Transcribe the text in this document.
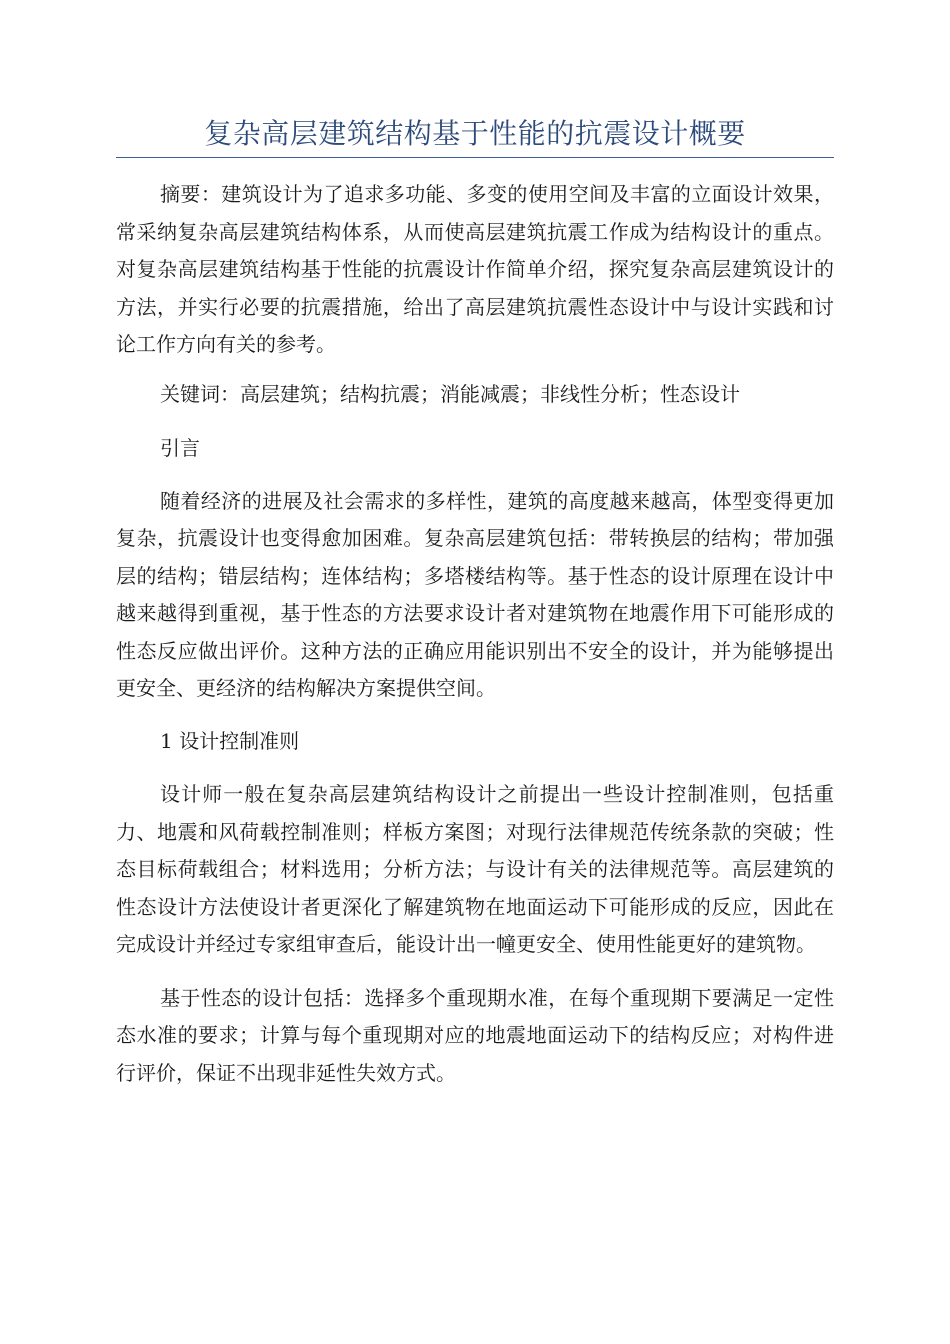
复杂高层建筑结构基于性能的抗震设计概要

摘要：建筑设计为了追求多功能、多变的使用空间及丰富的立面设计效果，常采纳复杂高层建筑结构体系，从而使高层建筑抗震工作成为结构设计的重点。对复杂高层建筑结构基于性能的抗震设计作简单介绍，探究复杂高层建筑设计的方法，并实行必要的抗震措施，给出了高层建筑抗震性态设计中与设计实践和讨论工作方向有关的参考。

关键词：高层建筑；结构抗震；消能减震；非线性分析；性态设计

引言

随着经济的进展及社会需求的多样性，建筑的高度越来越高，体型变得更加复杂，抗震设计也变得愈加困难。复杂高层建筑包括：带转换层的结构；带加强层的结构；错层结构；连体结构；多塔楼结构等。基于性态的设计原理在设计中越来越得到重视，基于性态的方法要求设计者对建筑物在地震作用下可能形成的性态反应做出评价。这种方法的正确应用能识别出不安全的设计，并为能够提出更安全、更经济的结构解决方案提供空间。

1 设计控制准则

设计师一般在复杂高层建筑结构设计之前提出一些设计控制准则，包括重力、地震和风荷载控制准则；样板方案图；对现行法律规范传统条款的突破；性态目标荷载组合；材料选用；分析方法；与设计有关的法律规范等。高层建筑的性态设计方法使设计者更深化了解建筑物在地面运动下可能形成的反应，因此在完成设计并经过专家组审查后，能设计出一幢更安全、使用性能更好的建筑物。

基于性态的设计包括：选择多个重现期水准，在每个重现期下要满足一定性态水准的要求；计算与每个重现期对应的地震地面运动下的结构反应；对构件进行评价，保证不出现非延性失效方式。
